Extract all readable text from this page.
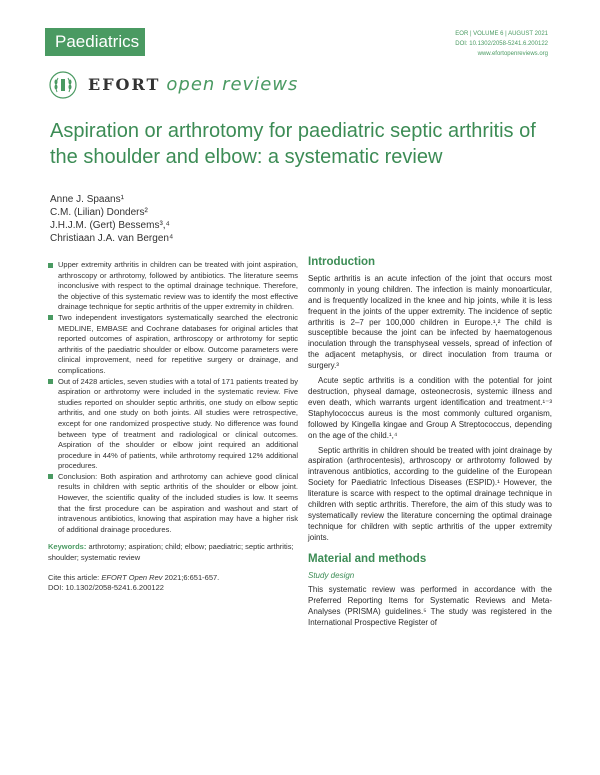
Paediatrics	EOR | VOLUME 6 | AUGUST 2021
DOI: 10.1302/2058-5241.6.200122
www.efortopenreviews.org
EFORT open reviews
Aspiration or arthrotomy for paediatric septic arthritis of the shoulder and elbow: a systematic review
Anne J. Spaans¹
C.M. (Lilian) Donders²
J.H.J.M. (Gert) Bessems³,⁴
Christiaan J.A. van Bergen⁴
Upper extremity arthritis in children can be treated with joint aspiration, arthroscopy or arthrotomy, followed by antibiotics. The literature seems inconclusive with respect to the optimal drainage technique. Therefore, the objective of this systematic review was to identify the most effective drainage technique for septic arthritis of the upper extremity in children.
Two independent investigators systematically searched the electronic MEDLINE, EMBASE and Cochrane databases for original articles that reported outcomes of aspiration, arthroscopy or arthrotomy for septic arthritis of the paediatric shoulder or elbow. Outcome parameters were clinical improvement, need for repetitive surgery or drainage, and complications.
Out of 2428 articles, seven studies with a total of 171 patients treated by aspiration or arthrotomy were included in the systematic review. Five studies reported on shoulder septic arthritis, one study on elbow septic arthritis, and one study on both joints. All studies were retrospective, except for one randomized prospective study. No difference was found between type of treatment and radiological or clinical outcomes. Aspiration of the shoulder or elbow joint required an additional procedure in 44% of patients, while arthrotomy required 12% additional procedures.
Conclusion: Both aspiration and arthrotomy can achieve good clinical results in children with septic arthritis of the shoulder or elbow joint. However, the scientific quality of the included studies is low. It seems that the first procedure can be aspiration and washout and start of intravenous antibiotics, knowing that aspiration may have a higher risk of additional drainage procedures.
Keywords: arthrotomy; aspiration; child; elbow; paediatric; septic arthritis; shoulder; systematic review
Cite this article: EFORT Open Rev 2021;6:651-657.
DOI: 10.1302/2058-5241.6.200122
Introduction

Septic arthritis is an acute infection of the joint that occurs most commonly in young children. The infection is mainly monoarticular, and is frequently localized in the knee and hip joints, while it is less frequent in the joints of the upper extremity. The incidence of septic arthritis is 2–7 per 100,000 children in Europe.¹,² The child is susceptible because the joint can be infected by haematogenous inoculation through the transphyseal vessels, spread of infection of the adjacent metaphysis, or direct inoculation from trauma or surgery.³

Acute septic arthritis is a condition with the potential for joint destruction, physeal damage, osteonecrosis, systemic illness and even death, which warrants urgent identification and treatment.¹⁻³ Staphylococcus aureus is the most commonly cultured organism, followed by Kingella kingae and Group A Streptococcus, depending on the age of the child.¹,⁴

Septic arthritis in children should be treated with joint drainage by aspiration (arthrocentesis), arthroscopy or arthrotomy followed by intravenous antibiotics, according to the guideline of the European Society for Paediatric Infectious Diseases (ESPID).¹ However, the literature is scarce with respect to the optimal drainage technique in children with septic arthritis. Therefore, the aim of this study was to systematically review the literature concerning the optimal drainage technique for children with septic arthritis of the upper extremity joints.

Material and methods
Study design

This systematic review was performed in accordance with the Preferred Reporting Items for Systematic Reviews and Meta-Analyses (PRISMA) guidelines.⁵ The study was registered in the International Prospective Register of
